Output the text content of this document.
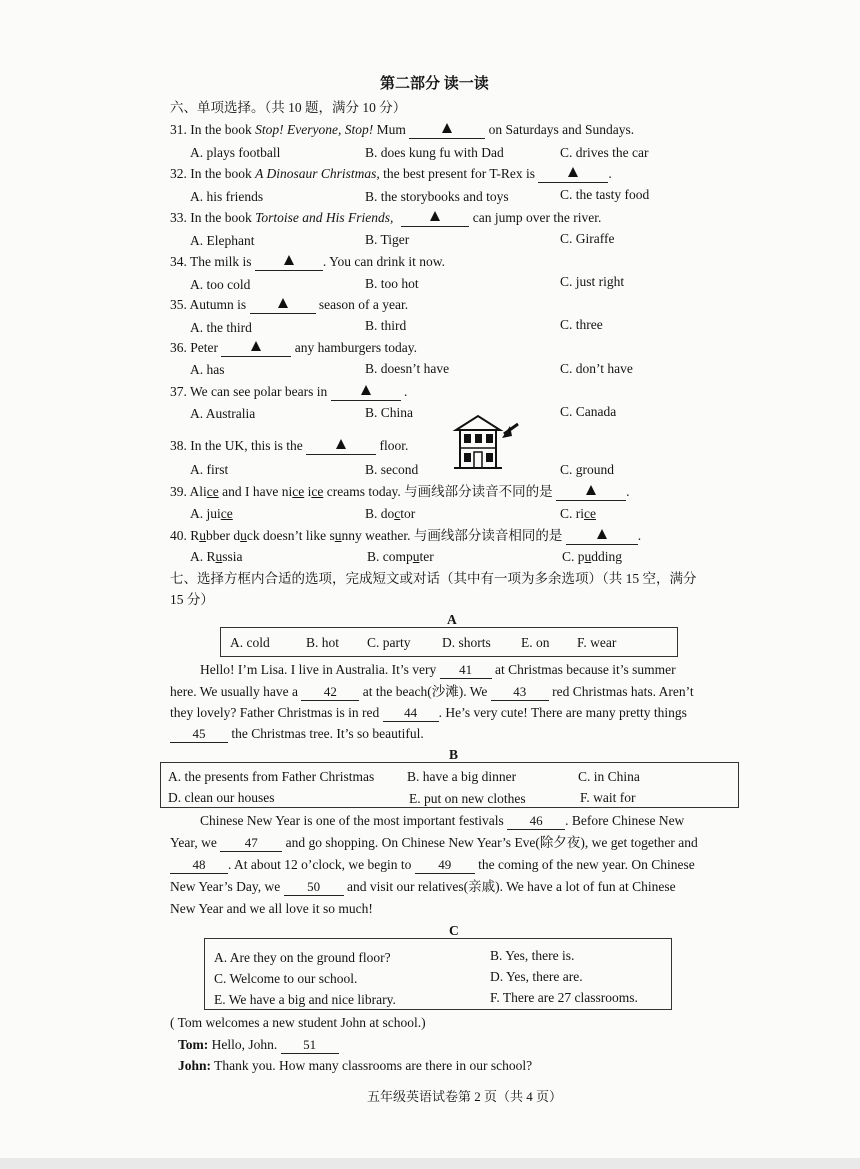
第二部分 读一读
六、单项选择。（共 10 题，满分 10 分）
31. In the book Stop! Everyone, Stop! Mum	on Saturdays and Sundays.
A. plays football	B. does kung fu with Dad	C. drives the car
32. In the book A Dinosaur Christmas, the best present for T-Rex is	.
A. his friends	B. the storybooks and toys	C. the tasty food
33. In the book Tortoise and His Friends,	can jump over the river.
A. Elephant	B. Tiger	C. Giraffe
34. The milk is	. You can drink it now.
A. too cold	B. too hot	C. just right
35. Autumn is	season of a year.
A. the third	B. third	C. three
36. Peter	any hamburgers today.
A. has	B. doesn’t have	C. don’t have
37. We can see polar bears in	.
A. Australia	B. China	C. Canada
38. In the UK, this is the	floor.
A. first	B. second	C. ground
39. Alice and I have nice ice creams today. 与画线部分读音不同的是	.
A. juice	B. doctor	C. rice
40. Rubber duck doesn’t like sunny weather. 与画线部分读音相同的是	.
A. Russia	B. computer	C. pudding
七、选择方框内合适的选项，完成短文或对话（其中有一项为多余选项）（共 15 空，满分
15 分）
A
A. cold	B. hot C. party D. shorts E. on F. wear
Hello! I’m Lisa. I live in Australia. It’s very 41 at Christmas because it’s summer
here. We usually have a 42 at the beach(沙滩). We 43 red Christmas hats. Aren’t
they lovely? Father Christmas is in red 44 . He’s very cute! There are many pretty things
45 the Christmas tree. It’s so beautiful.
B
A. the presents from Father Christmas B. have a big dinner	C. in China
D. clean our houses	E. put on new clothes	F. wait for
Chinese New Year is one of the most important festivals 46 . Before Chinese New
Year, we 47 and go shopping. On Chinese New Year’s Eve(除夕夜), we get together and
48 . At about 12 o’clock, we begin to 49 the coming of the new year. On Chinese
New Year’s Day, we 50 and visit our relatives(亲戚). We have a lot of fun at Chinese
New Year and we all love it so much!
C
A. Are they on the ground floor?	B. Yes, there is.
C. Welcome to our school.	D. Yes, there are.
E. We have a big and nice library.	F. There are 27 classrooms.
( Tom welcomes a new student John at school.)
Tom: Hello, John. 51
John: Thank you. How many classrooms are there in our school?
五年级英语试卷第 2 页（共 4 页）
